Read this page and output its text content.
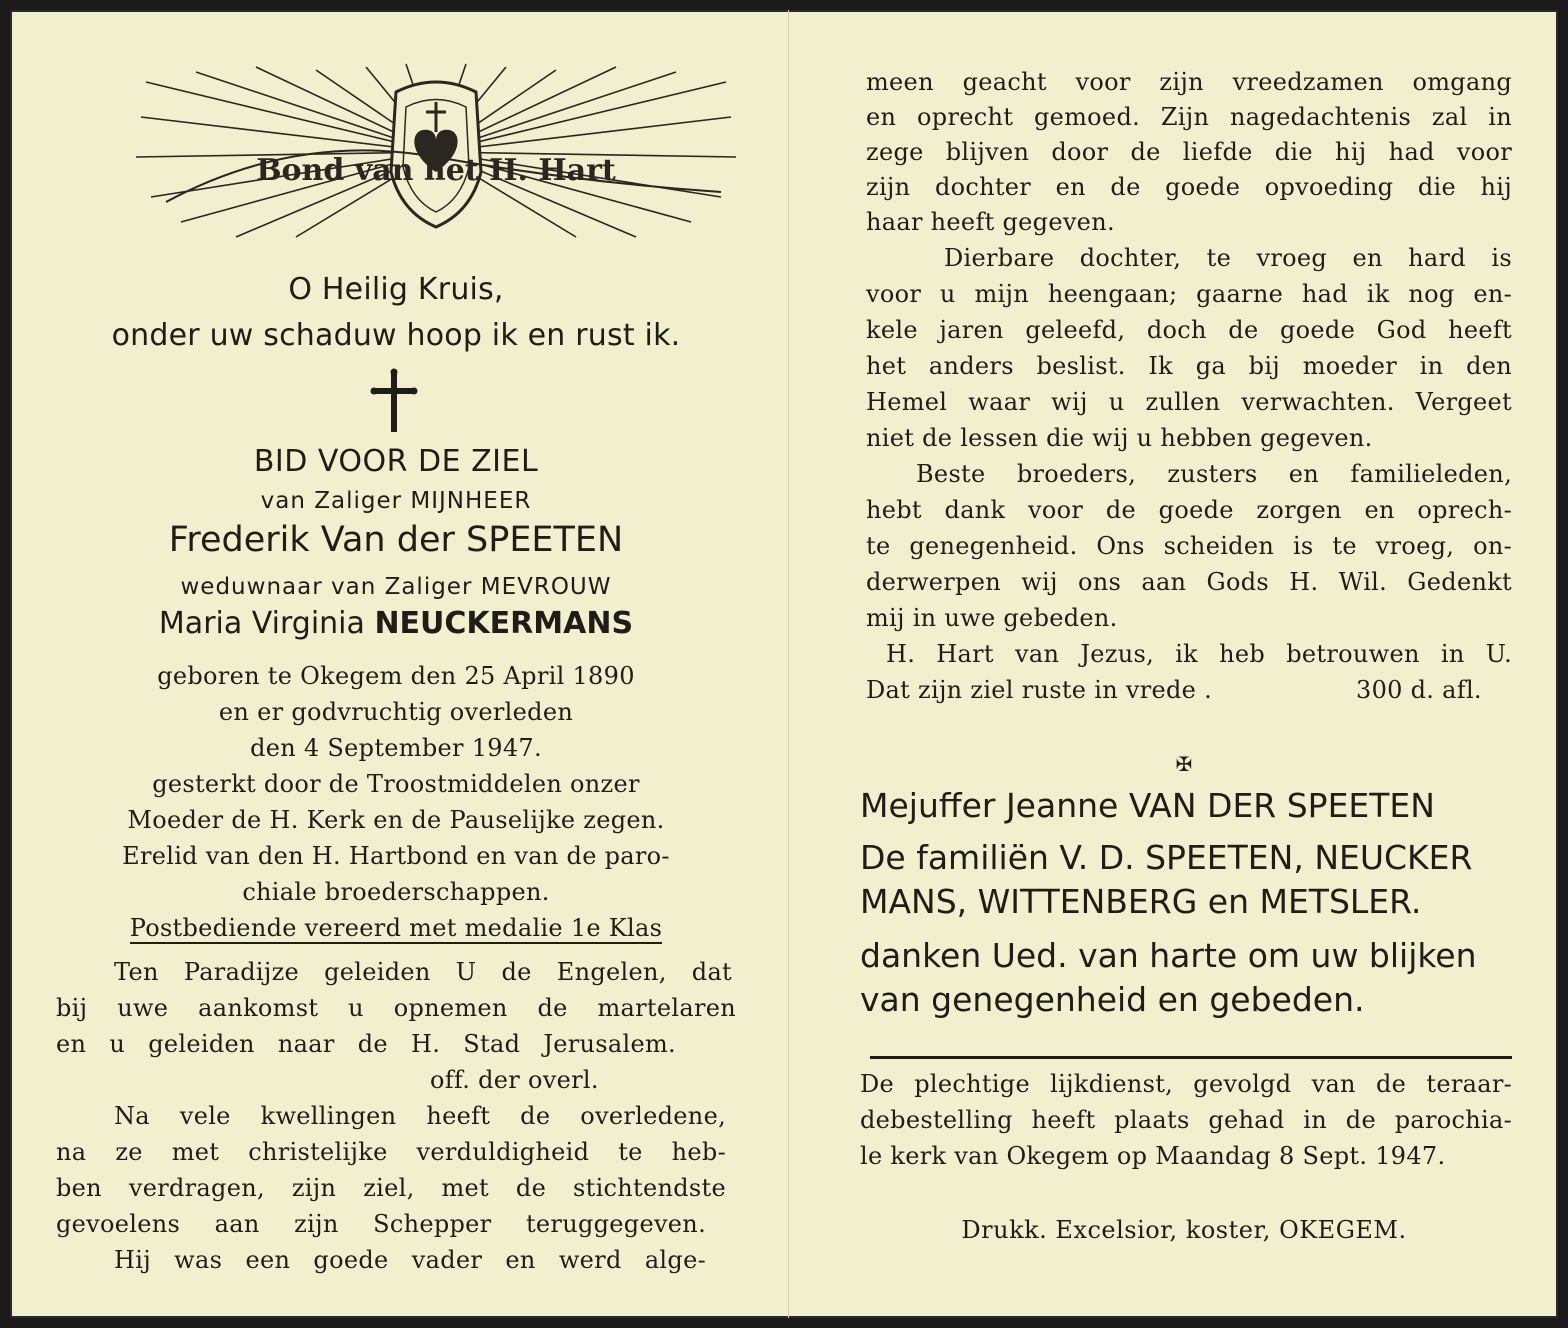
Bond van het H. Hart
O Heilig Kruis,
onder uw schaduw hoop ik en rust ik.
BID VOOR DE ZIEL
van Zaliger MIJNHEER
Frederik Van der SPEETEN
weduwnaar van Zaliger MEVROUW
Maria Virginia NEUCKERMANS
geboren te Okegem den 25 April 1890
en er godvruchtig overleden
den 4 September 1947.
gesterkt door de Troostmiddelen onzer
Moeder de H. Kerk en de Pauselijke zegen.
Erelid van den H. Hartbond en van de paro-
chiale broederschappen.
Postbediende vereerd met medalie 1e Klas
Ten Paradijze geleiden U de Engelen, dat
bij uwe aankomst u opnemen de martelaren
en u geleiden naar de H. Stad Jerusalem.
off. der overl.
Na vele kwellingen heeft de overledene,
na ze met christelijke verduldigheid te heb-
ben verdragen, zijn ziel, met de stichtendste
gevoelens aan zijn Schepper teruggegeven.
Hij was een goede vader en werd alge-
meen geacht voor zijn vreedzamen omgang
en oprecht gemoed. Zijn nagedachtenis zal in
zege blijven door de liefde die hij had voor
zijn dochter en de goede opvoeding die hij
haar heeft gegeven.
Dierbare dochter, te vroeg en hard is
voor u mijn heengaan; gaarne had ik nog en-
kele jaren geleefd, doch de goede God heeft
het anders beslist. Ik ga bij moeder in den
Hemel waar wij u zullen verwachten. Vergeet
niet de lessen die wij u hebben gegeven.
Beste broeders, zusters en familieleden,
hebt dank voor de goede zorgen en oprech-
te genegenheid. Ons scheiden is te vroeg, on-
derwerpen wij ons aan Gods H. Wil. Gedenkt
mij in uwe gebeden.
H. Hart van Jezus, ik heb betrouwen in U.
Dat zijn ziel ruste in vrede .	300 d. afl.
✠
Mejuffer Jeanne VAN DER SPEETEN
De familiën V. D. SPEETEN, NEUCKER
MANS, WITTENBERG en METSLER.
danken Ued. van harte om uw blijken
van genegenheid en gebeden.
De plechtige lijkdienst, gevolgd van de teraar-
debestelling heeft plaats gehad in de parochia-
le kerk van Okegem op Maandag 8 Sept. 1947.
Drukk. Excelsior, koster, OKEGEM.
